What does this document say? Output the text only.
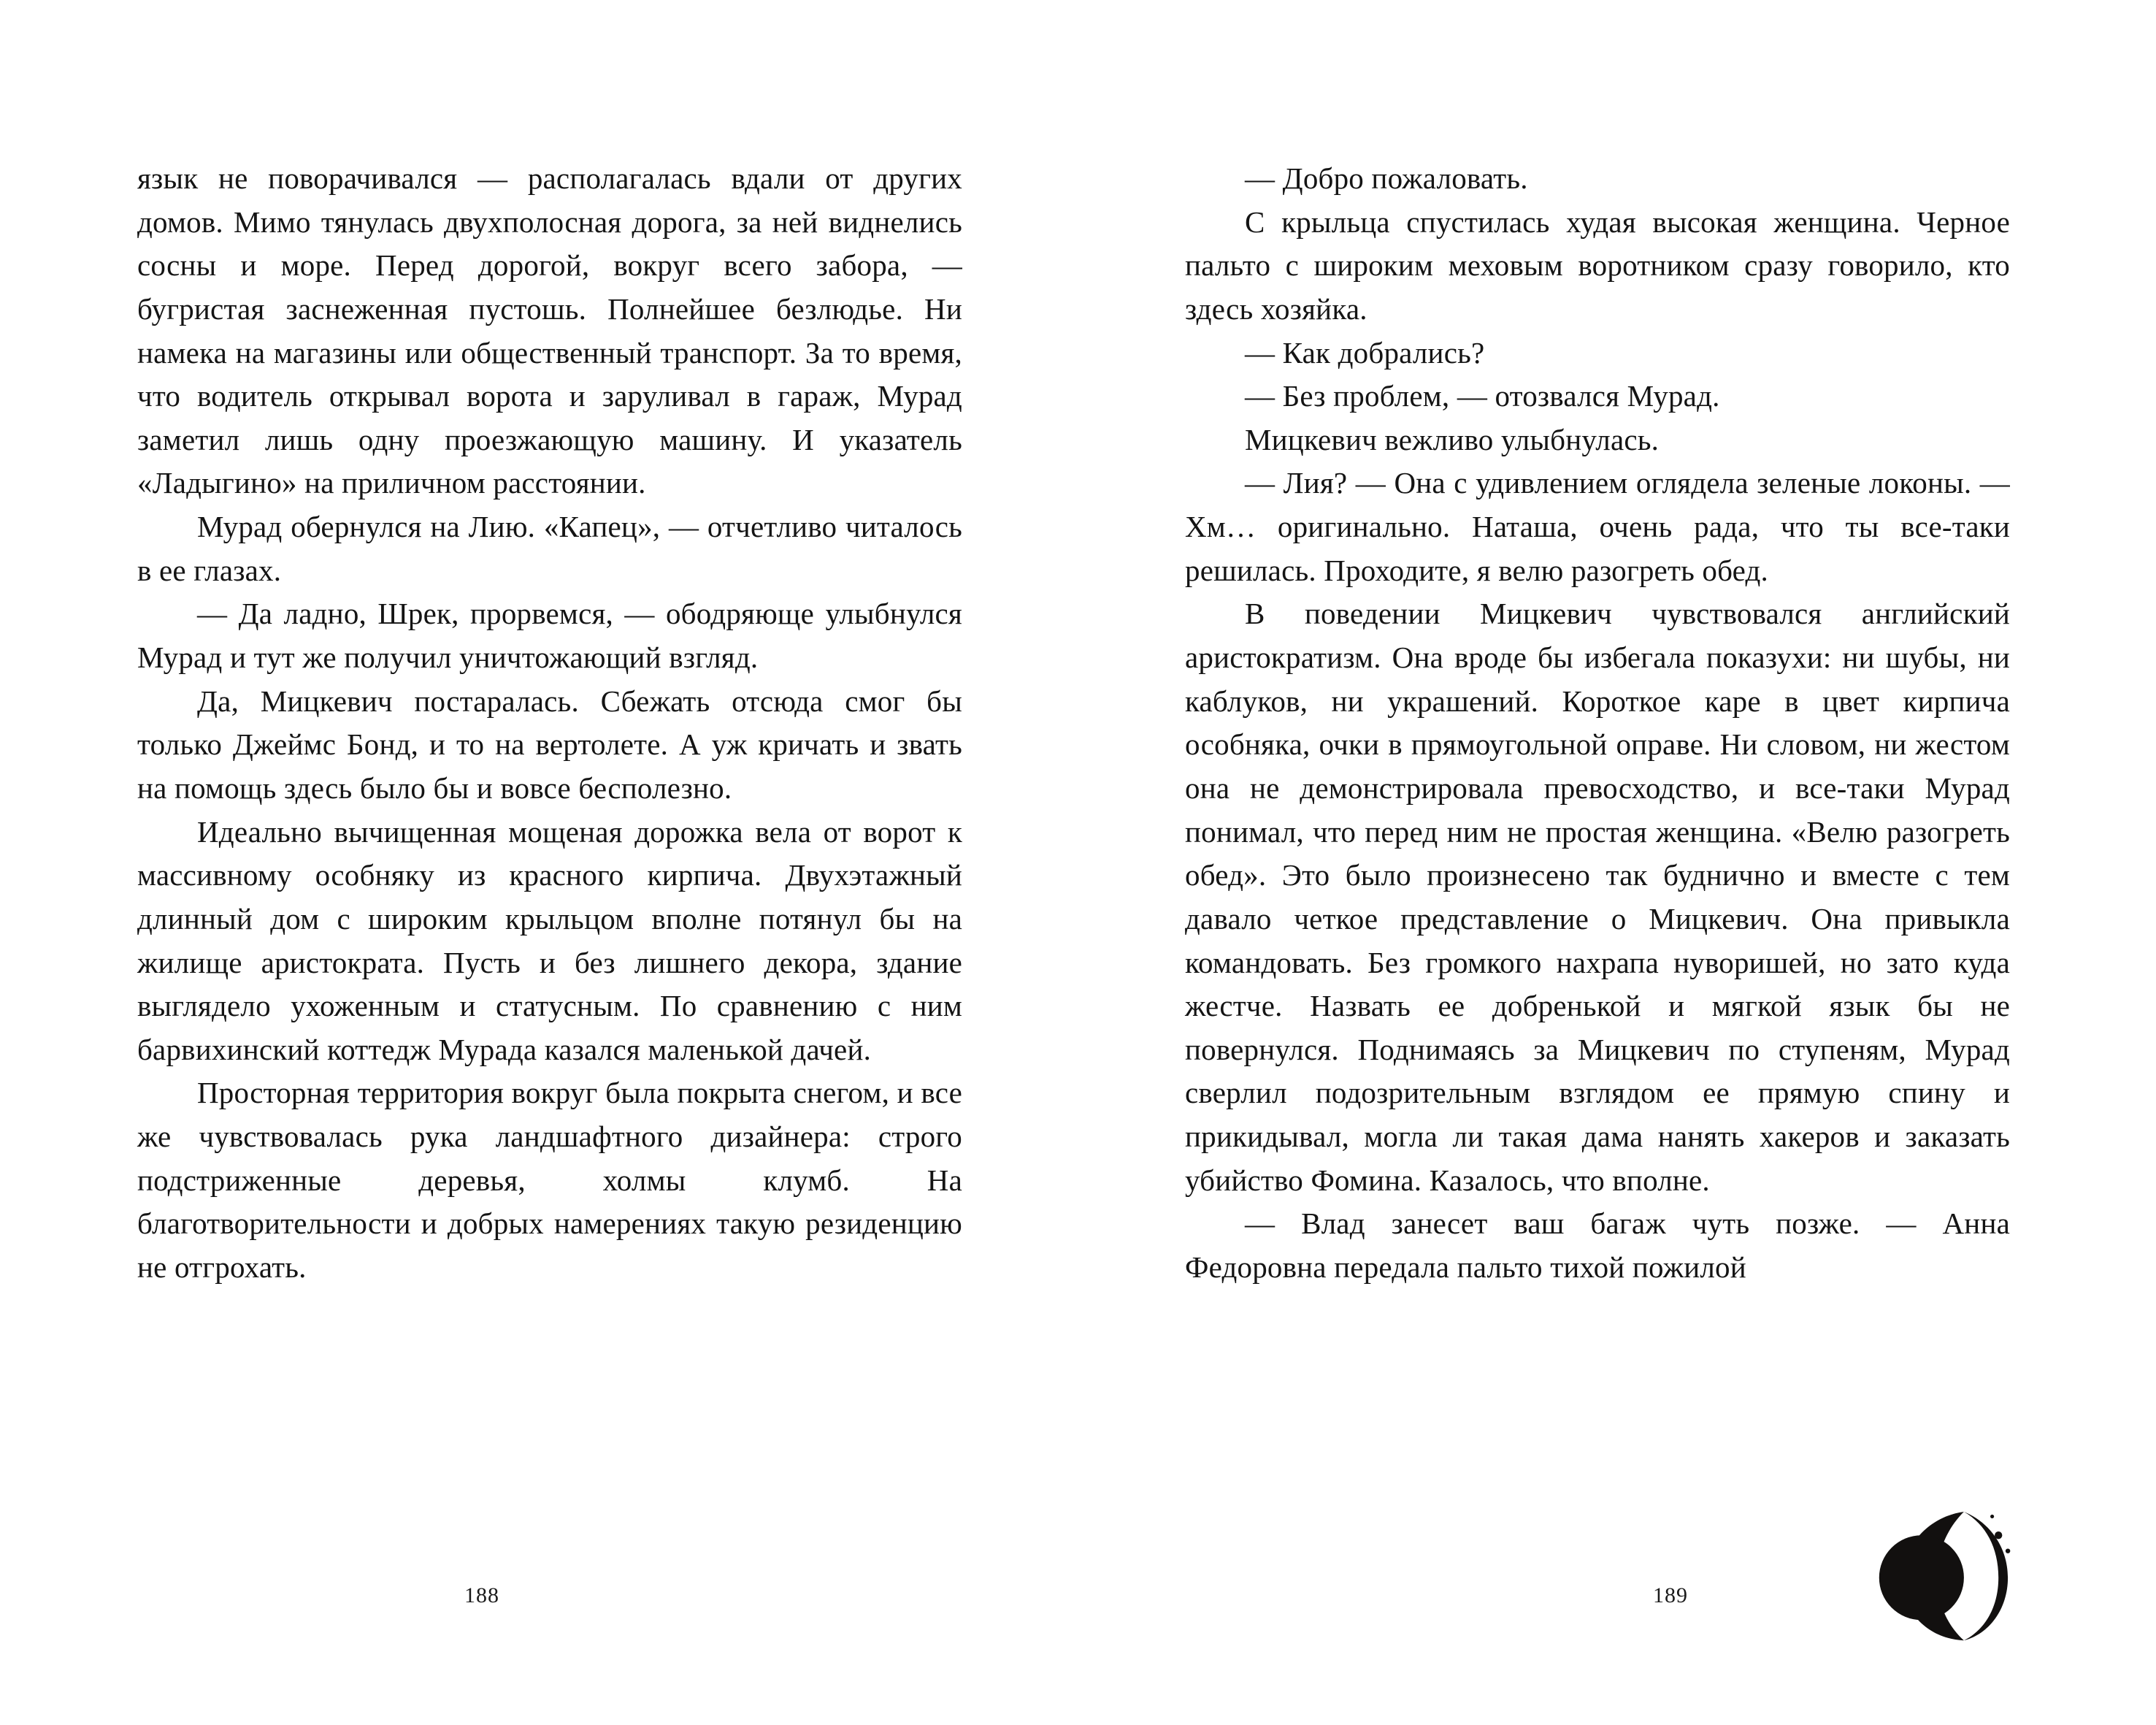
язык не поворачивался — располагалась вдали от других домов. Мимо тянулась двухполосная дорога, за ней виднелись сосны и море. Перед дорогой, вокруг всего забора, — бугристая заснеженная пустошь. Полнейшее безлюдье. Ни намека на магазины или общественный транспорт. За то время, что водитель открывал ворота и заруливал в гараж, Мурад заметил лишь одну проезжающую машину. И указатель «Ладыгино» на приличном расстоянии.

Мурад обернулся на Лию. «Капец», — отчетливо читалось в ее глазах.

— Да ладно, Шрек, прорвемся, — ободряюще улыбнулся Мурад и тут же получил уничтожающий взгляд.

Да, Мицкевич постаралась. Сбежать отсюда смог бы только Джеймс Бонд, и то на вертолете. А уж кричать и звать на помощь здесь было бы и вовсе бесполезно.

Идеально вычищенная мощеная дорожка вела от ворот к массивному особняку из красного кирпича. Двухэтажный длинный дом с широким крыльцом вполне потянул бы на жилище аристократа. Пусть и без лишнего декора, здание выглядело ухоженным и статусным. По сравнению с ним барвихинский коттедж Мурада казался маленькой дачей.

Просторная территория вокруг была покрыта снегом, и все же чувствовалась рука ландшафтного дизайнера: строго подстриженные деревья, холмы клумб. На благотворительности и добрых намерениях такую резиденцию не отгрохать.

— Добро пожаловать.

С крыльца спустилась худая высокая женщина. Черное пальто с широким меховым воротником сразу говорило, кто здесь хозяйка.

— Как добрались?

— Без проблем, — отозвался Мурад.

Мицкевич вежливо улыбнулась.

— Лия? — Она с удивлением оглядела зеленые локоны. — Хм… оригинально. Наташа, очень рада, что ты все-таки решилась. Проходите, я велю разогреть обед.

В поведении Мицкевич чувствовался английский аристократизм. Она вроде бы избегала показухи: ни шубы, ни каблуков, ни украшений. Короткое каре в цвет кирпича особняка, очки в прямоугольной оправе. Ни словом, ни жестом она не демонстрировала превосходство, и все-таки Мурад понимал, что перед ним не простая женщина. «Велю разогреть обед». Это было произнесено так буднично и вместе с тем давало четкое представление о Мицкевич. Она привыкла командовать. Без громкого нахрапа нуворишей, но зато куда жестче. Назвать ее добренькой и мягкой язык бы не повернулся. Поднимаясь за Мицкевич по ступеням, Мурад сверлил подозрительным взглядом ее прямую спину и прикидывал, могла ли такая дама нанять хакеров и заказать убийство Фомина. Казалось, что вполне.

— Влад занесет ваш багаж чуть позже. — Анна Федоровна передала пальто тихой пожилой

188	189
